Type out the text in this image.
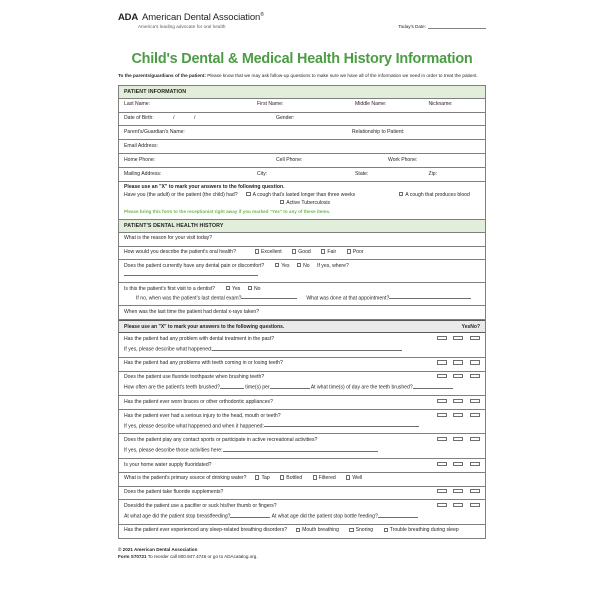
ADA American Dental Association®
America's leading advocate for oral health	Today's Date:
Child's Dental & Medical Health History Information
To the parents/guardians of the patient: Please know that we may ask follow-up questions to make sure we have all of the information we need in order to treat the patient.
PATIENT INFORMATION
Last Name:	First Name:	Middle Name:	Nickname:
Date of Birth:	/	/	Gender:
Parent's/Guardian's Name:	Relationship to Patient:
Email Address:
Home Phone:	Cell Phone:	Work Phone:
Mailing Address:	City:	State:	Zip:
Please use an "X" to mark your answers to the following question.
Have you (the adult) or the patient (the child) had?	A cough that's lasted longer than three weeks	A cough that produces blood
Active Tuberculosis
Please bring this form to the receptionist right away if you marked "Yes" to any of these items.
PATIENT'S DENTAL HEALTH HISTORY
What is the reason for your visit today?
How would you describe the patient's oral health?	Excellent	Good	Fair	Poor
Does the patient currently have any dental pain or discomfort?	Yes	No If yes, where?
Is this the patient's first visit to a dentist?	Yes	No
If no, when was the patient's last dental exam?	What was done at that appointment?
When was the last time the patient had dental x-rays taken?
Please use an "X" to mark your answers to the following questions.	Yes No ?
Has the patient had any problem with dental treatment in the past?
If yes, please describe what happened:
Has the patient had any problems with teeth coming in or losing teeth?
Does the patient use fluoride toothpaste when brushing teeth?
How often are the patient's teeth brushed?	time(s) per	At what time(s) of day are the teeth brushed?
Has the patient ever worn braces or other orthodontic appliances?
Has the patient ever had a serious injury to the head, mouth or teeth?
If yes, please describe what happened and when it happened:
Does the patient play any contact sports or participate in active recreational activities?
If yes, please describe those activities here:
Is your home water supply fluoridated?
What is the patient's primary source of drinking water?	Tap	Bottled	Filtered	Well
Does the patient take fluoride supplements?
Does/did the patient use a pacifier or suck his/her thumb or fingers?
At what age did the patient stop breastfeeding?	At what age did the patient stop bottle feeding?
Has the patient ever experienced any sleep-related breathing disorders?	Mouth breathing	Snoring	Trouble breathing during sleep
© 2021 American Dental Association
Form S70721 To reorder call 800.947.4746 or go to ADAcatalog.org.
